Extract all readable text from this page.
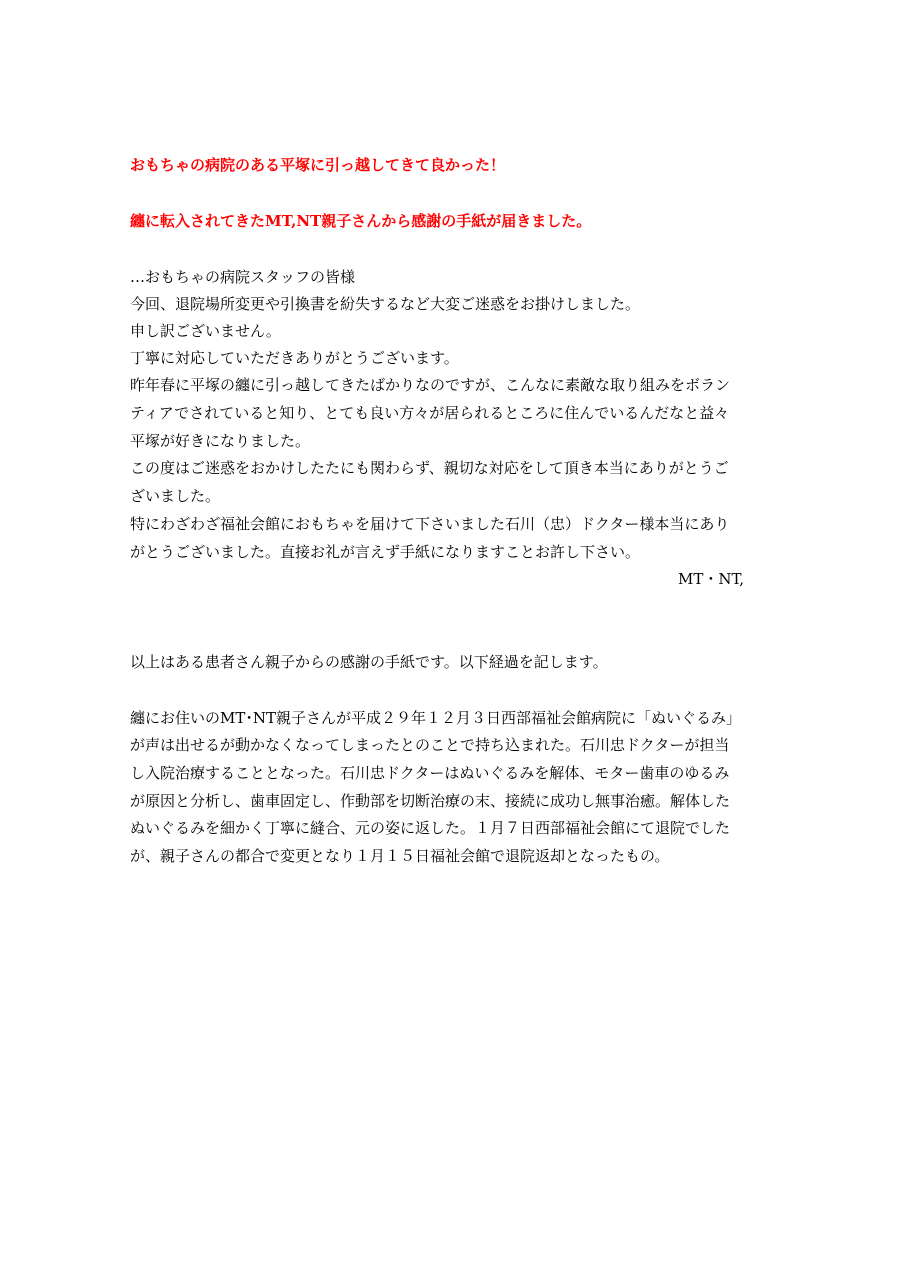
おもちゃの病院のある平塚に引っ越してきて良かった！
纏に転入されてきたMT,NT親子さんから感謝の手紙が届きました。
…おもちゃの病院スタッフの皆様
今回、退院場所変更や引換書を紛失するなど大変ご迷惑をお掛けしました。
申し訳ございません。
丁寧に対応していただきありがとうございます。
昨年春に平塚の纏に引っ越してきたばかりなのですが、こんなに素敵な取り組みをボラン
ティアでされていると知り、とても良い方々が居られるところに住んでいるんだなと益々
平塚が好きになりました。
この度はご迷惑をおかけしたたにも関わらず、親切な対応をして頂き本当にありがとうご
ざいました。
特にわざわざ福祉会館におもちゃを届けて下さいました石川（忠）ドクター様本当にあり
がとうございました。直接お礼が言えず手紙になりますことお許し下さい。
MT・NT,
以上はある患者さん親子からの感謝の手紙です。以下経過を記します。
纏にお住いのMT･NT親子さんが平成２９年１２月３日西部福祉会館病院に「ぬいぐるみ」
が声は出せるが動かなくなってしまったとのことで持ち込まれた。石川忠ドクターが担当
し入院治療することとなった。石川忠ドクターはぬいぐるみを解体、モター歯車のゆるみ
が原因と分析し、歯車固定し、作動部を切断治療の末、接続に成功し無事治癒。解体した
ぬいぐるみを細かく丁寧に縫合、元の姿に返した。１月７日西部福祉会館にて退院でした
が、親子さんの都合で変更となり１月１５日福祉会館で退院返却となったもの。
